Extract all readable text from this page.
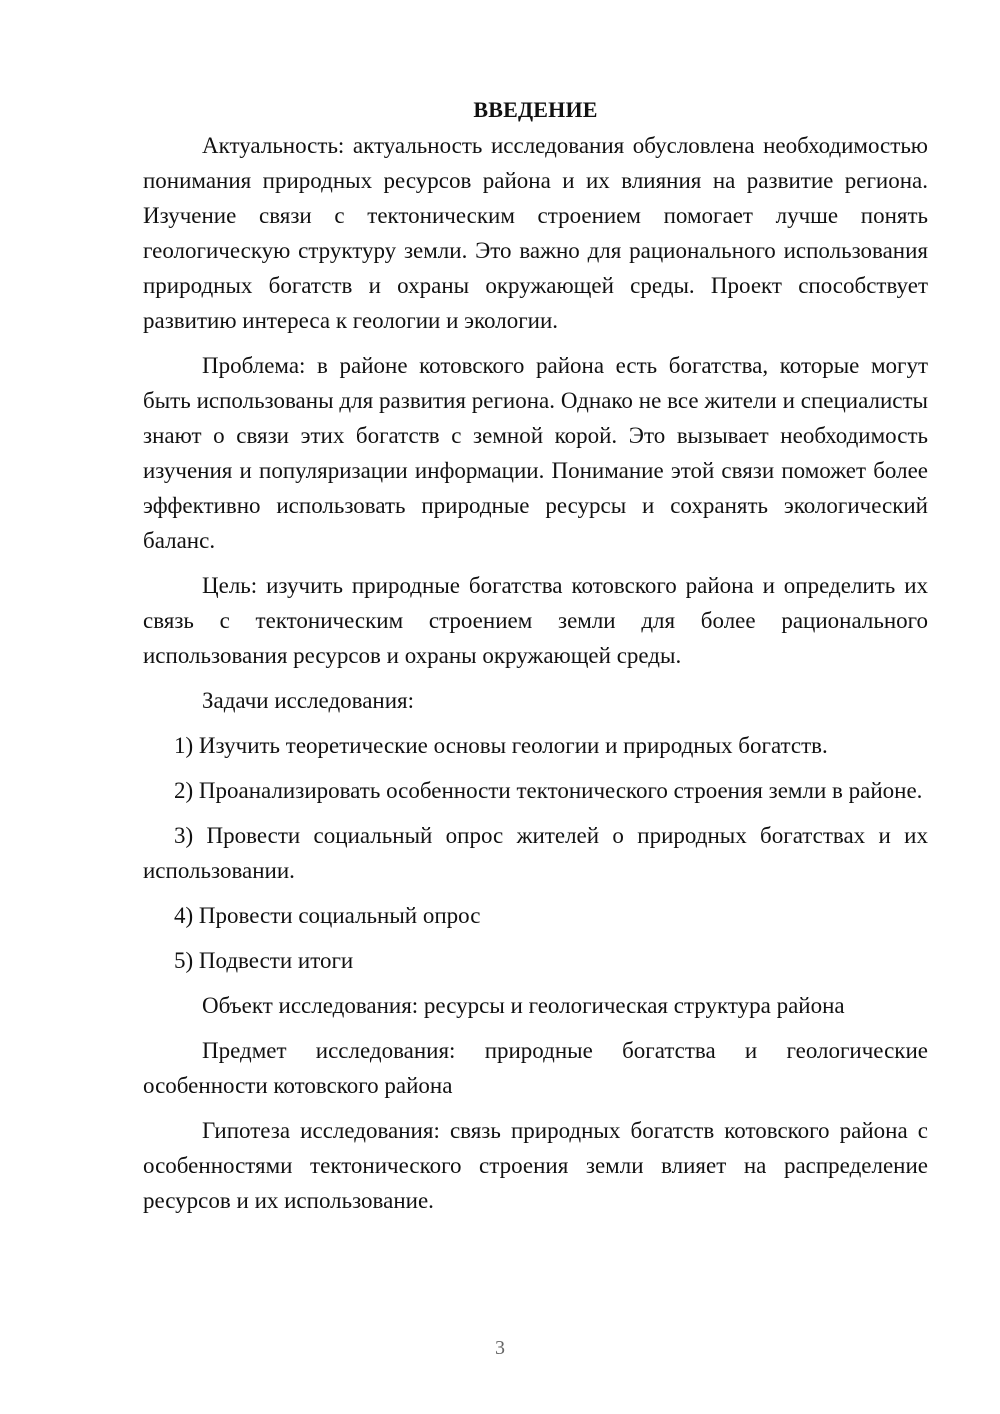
ВВЕДЕНИЕ

Актуальность: актуальность исследования обусловлена необходимостью понимания природных ресурсов района и их влияния на развитие региона. Изучение связи с тектоническим строением помогает лучше понять геологическую структуру земли. Это важно для рационального использования природных богатств и охраны окружающей среды. Проект способствует развитию интереса к геологии и экологии.

Проблема: в районе котовского района есть богатства, которые могут быть использованы для развития региона. Однако не все жители и специалисты знают о связи этих богатств с земной корой. Это вызывает необходимость изучения и популяризации информации. Понимание этой связи поможет более эффективно использовать природные ресурсы и сохранять экологический баланс.

Цель: изучить природные богатства котовского района и определить их связь с тектоническим строением земли для более рационального использования ресурсов и охраны окружающей среды.

Задачи исследования:

1) Изучить теоретические основы геологии и природных богатств.

2) Проанализировать особенности тектонического строения земли в районе.

3) Провести социальный опрос жителей о природных богатствах и их использовании.

4) Провести социальный опрос

5) Подвести итоги

Объект исследования: ресурсы и геологическая структура района

Предмет исследования: природные богатства и геологические особенности котовского района

Гипотеза исследования: связь природных богатств котовского района с особенностями тектонического строения земли влияет на распределение ресурсов и их использование.

3
